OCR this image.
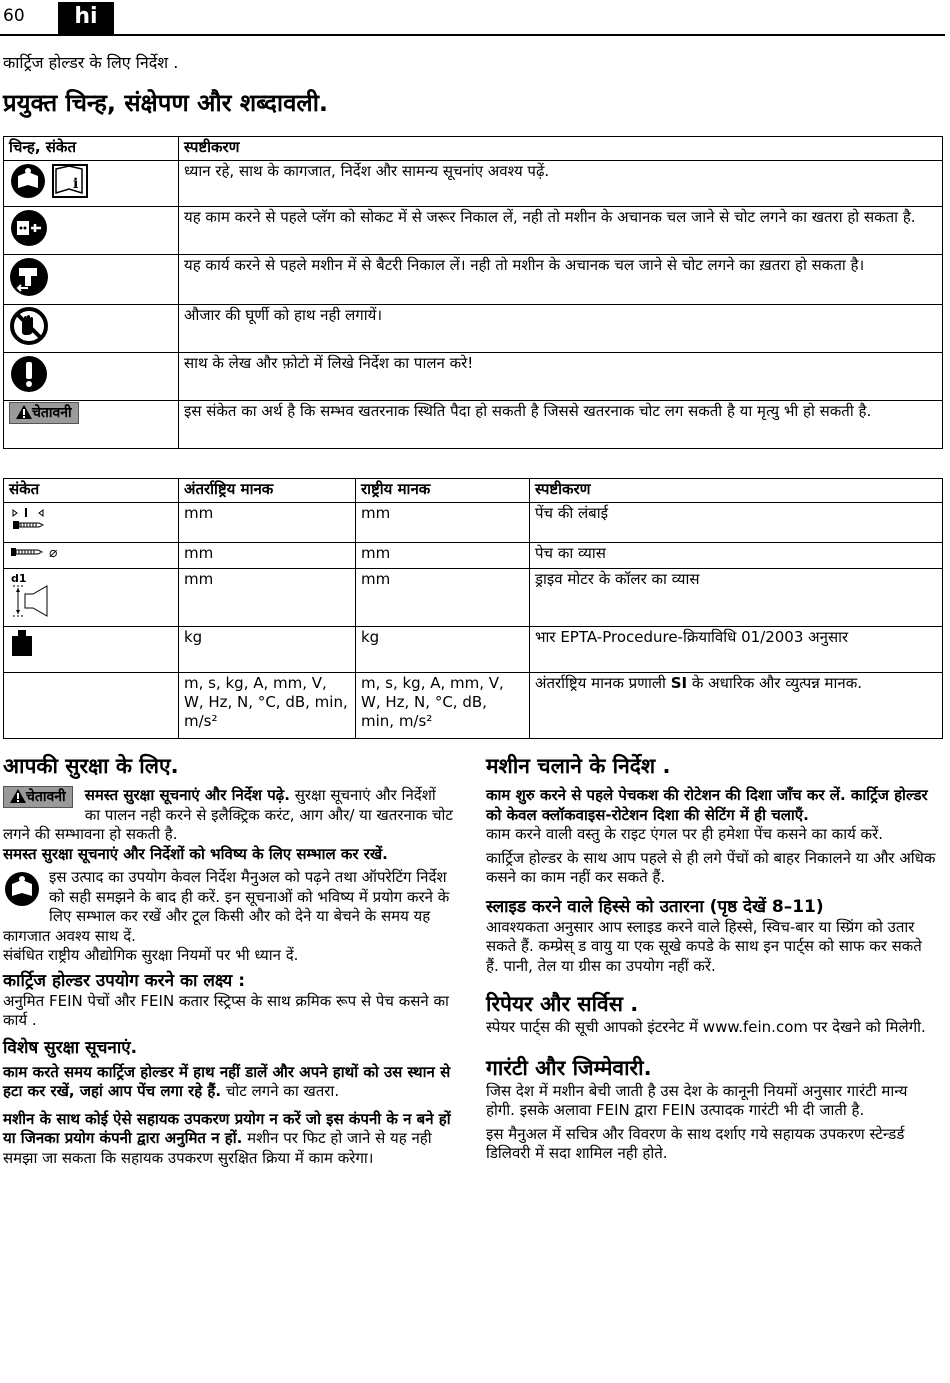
60	hi
कार्ट्रिज होल्डर के लिए निर्देश .
प्रयुक्त चिन्ह, संक्षेपण और शब्दावली.
चिन्ह, संकेत	स्पष्टीकरण

i	ध्यान रहे, साथ के कागजात, निर्देश और सामन्य सूचनांए अवश्य पढ़ें.

	यह काम करने से पहले प्लॅग को सोकट में से जरूर निकाल लें, नही तो मशीन के अचानक चल जाने से चोट लगने का खतरा हो सकता है.

	यह कार्य करने से पहले मशीन में से बैटरी निकाल लें। नही तो मशीन के अचानक चल जाने से चोट लगने का ख़तरा हो सकता है।

	औजार की घूर्णी को हाथ नही लगायें।

	साथ के लेख और फ़ोटो में लिखे निर्देश का पालन करे!
चेतावनी	इस संकेत का अर्थ है कि सम्भव खतरनाक स्थिति पैदा हो सकती है जिससे खतरनाक चोट लग सकती है या मृत्यु भी हो सकती है.
संकेत	अंतर्राष्ट्रिय मानक	राष्ट्रीय मानक	स्पष्टीकरण

	mm	mm	पेंच की लंबाई

⌀	mm	mm	पेच का व्यास

d1	mm	mm	ड्राइव मोटर के कॉलर का व्यास

	kg	kg	भार EPTA-Procedure-क्रियाविधि 01/2003 अनुसार
	m, s, kg, A, mm, V, W, Hz, N, °C, dB, min, m/s²	m, s, kg, A, mm, V, W, Hz, N, °C, dB, min, m/s²	अंतर्राष्ट्रिय मानक प्रणाली SI के अधारिक और व्युत्पन्न मानक.
आपकी सुरक्षा के लिए.

चेतावनी	समस्त सुरक्षा सूचनाएं और निर्देश पढ़े. सुरक्षा सूचनाएं और निर्देशों का पालन नही करने से इलैक्ट्रिक करंट, आग और/ या खतरनाक चोट लगने की सम्भावना हो सकती है.

समस्त सुरक्षा सूचनाएं और निर्देशों को भविष्य के लिए सम्भाल कर रखें.

इस उत्पाद का उपयोग केवल निर्देश मैनुअल को पढ़ने तथा ऑपरेटिंग निर्देश को सही समझने के बाद ही करें. इन सूचनाओं को भविष्य में प्रयोग करने के लिए सम्भाल कर रखें और टूल किसी और को देने या बेचने के समय यह कागजात अवश्य साथ दें.

संबंधित राष्ट्रीय औद्योगिक सुरक्षा नियमों पर भी ध्यान दें.

कार्ट्रिज होल्डर उपयोग करने का लक्ष्य :

अनुमित FEIN पेचों और FEIN कतार स्ट्रिप्स के साथ क्रमिक रूप से पेच कसने का कार्य .

विशेष सुरक्षा सूचनाएं.

काम करते समय कार्ट्रिज होल्डर में हाथ नहीं डालें और अपने हाथों को उस स्थान से हटा कर रखें, जहां आप पेंच लगा रहे हैं. चोट लगने का खतरा.

मशीन के साथ कोई ऐसे सहायक उपकरण प्रयोग न करें जो इस कंपनी के न बने हों या जिनका प्रयोग कंपनी द्वारा अनुमित न हों. मशीन पर फिट हो जाने से यह नही समझा जा सकता कि सहायक उपकरण सुरक्षित क्रिया में काम करेगा।

मशीन चलाने के निर्देश .

काम शुरु करने से पहले पेचकश की रोटेशन की दिशा जाँच कर लें. कार्ट्रिज होल्डर को केवल क्लॉकवाइस-रोटेशन दिशा की सेटिंग में ही चलाएँ.

काम करने वाली वस्तु के राइट एंगल पर ही हमेशा पेंच कसने का कार्य करें.

कार्ट्रिज होल्डर के साथ आप पहले से ही लगे पेंचों को बाहर निकालने या और अधिक कसने का काम नहीं कर सकते हैं.

स्लाइड करने वाले हिस्से को उतारना (पृष्ठ देखें 8–11)

आवश्यकता अनुसार आप स्लाइड करने वाले हिस्से, स्विच-बार या स्प्रिंग को उतार सकते हैं. कम्प्रेस् ड वायु या एक सूखे कपडे के साथ इन पार्ट्स को साफ कर सकते हैं. पानी, तेल या ग्रीस का उपयोग नहीं करें.

रिपेयर और सर्विस .

स्पेयर पार्ट्स की सूची आपको इंटरनेट में www.fein.com पर देखने को मिलेगी.

गारंटी और जिम्मेवारी.

जिस देश में मशीन बेची जाती है उस देश के कानूनी नियमों अनुसार गारंटी मान्य होगी. इसके अलावा FEIN द्वारा FEIN उत्पादक गारंटी भी दी जाती है.

इस मैनुअल में सचित्र और विवरण के साथ दर्शाए गये सहायक उपकरण स्टेन्डर्ड डिलिवरी में सदा शामिल नही होते.
